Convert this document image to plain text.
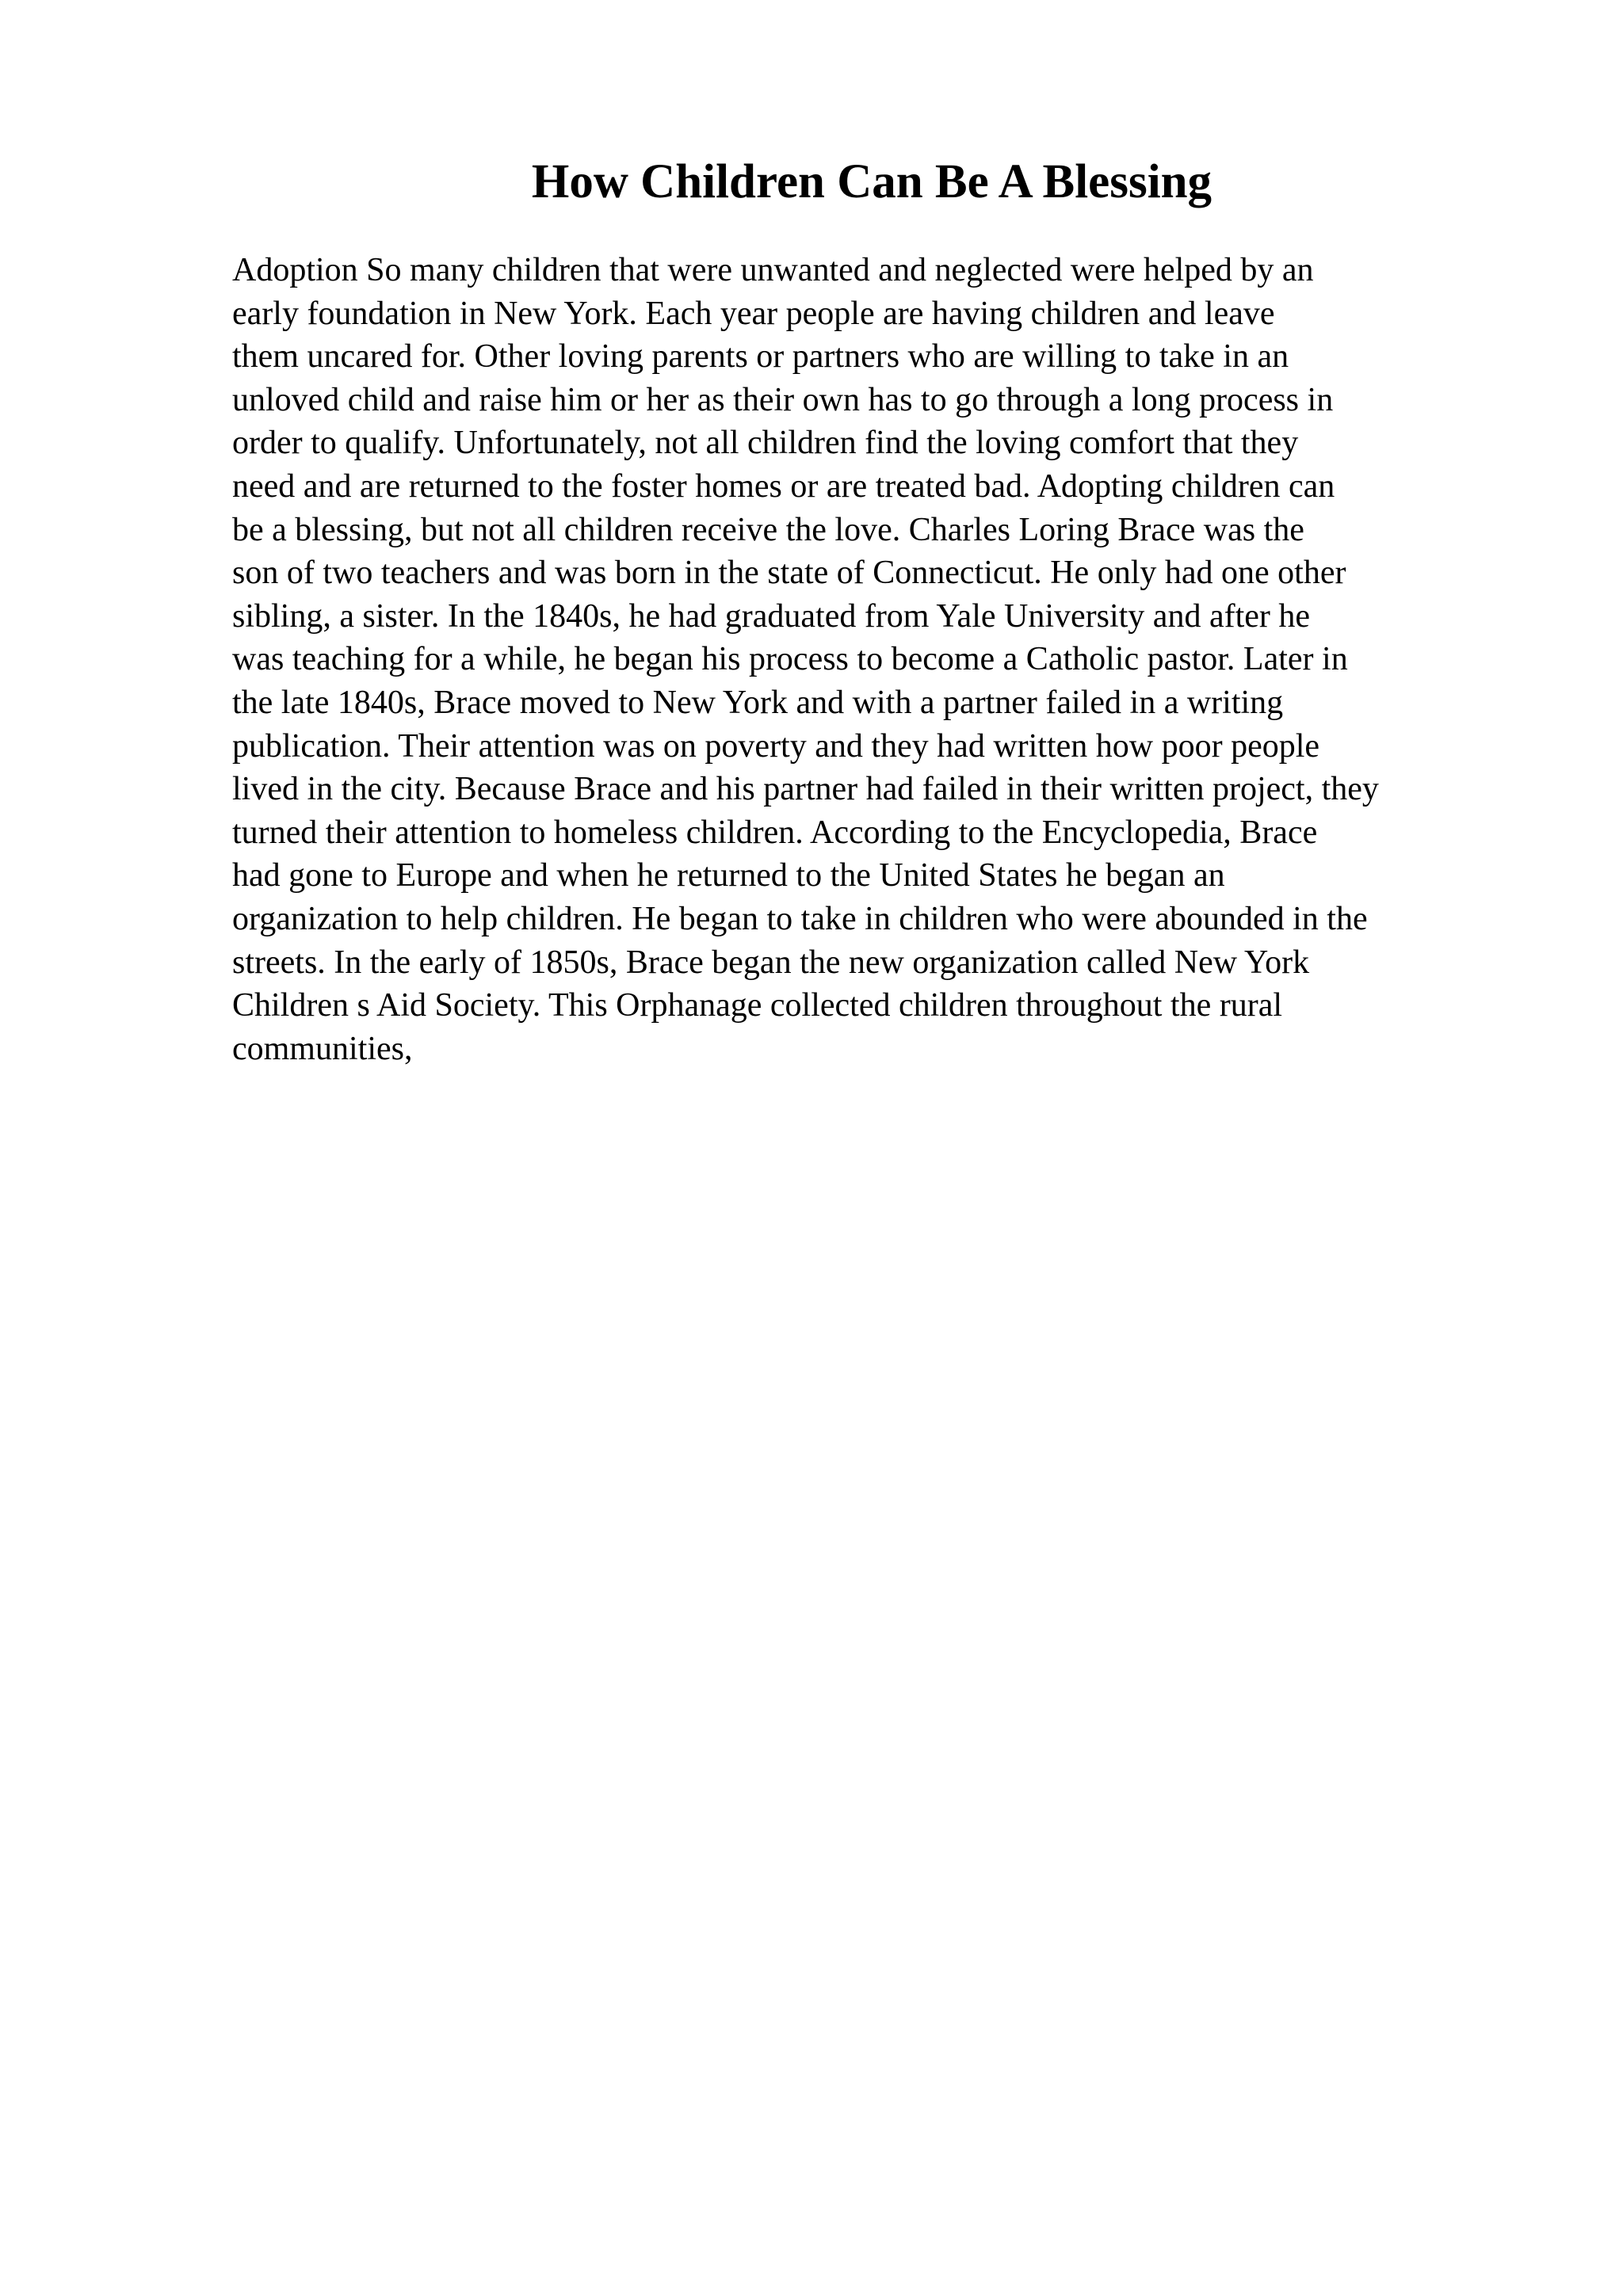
How Children Can Be A Blessing
Adoption So many children that were unwanted and neglected were helped by an
early foundation in New York. Each year people are having children and leave
them uncared for. Other loving parents or partners who are willing to take in an
unloved child and raise him or her as their own has to go through a long process in
order to qualify. Unfortunately, not all children find the loving comfort that they
need and are returned to the foster homes or are treated bad. Adopting children can
be a blessing, but not all children receive the love. Charles Loring Brace was the
son of two teachers and was born in the state of Connecticut. He only had one other
sibling, a sister. In the 1840s, he had graduated from Yale University and after he
was teaching for a while, he began his process to become a Catholic pastor. Later in
the late 1840s, Brace moved to New York and with a partner failed in a writing
publication. Their attention was on poverty and they had written how poor people
lived in the city. Because Brace and his partner had failed in their written project, they
turned their attention to homeless children. According to the Encyclopedia, Brace
had gone to Europe and when he returned to the United States he began an
organization to help children. He began to take in children who were abounded in the
streets. In the early of 1850s, Brace began the new organization called New York
Children s Aid Society. This Orphanage collected children throughout the rural
communities,
